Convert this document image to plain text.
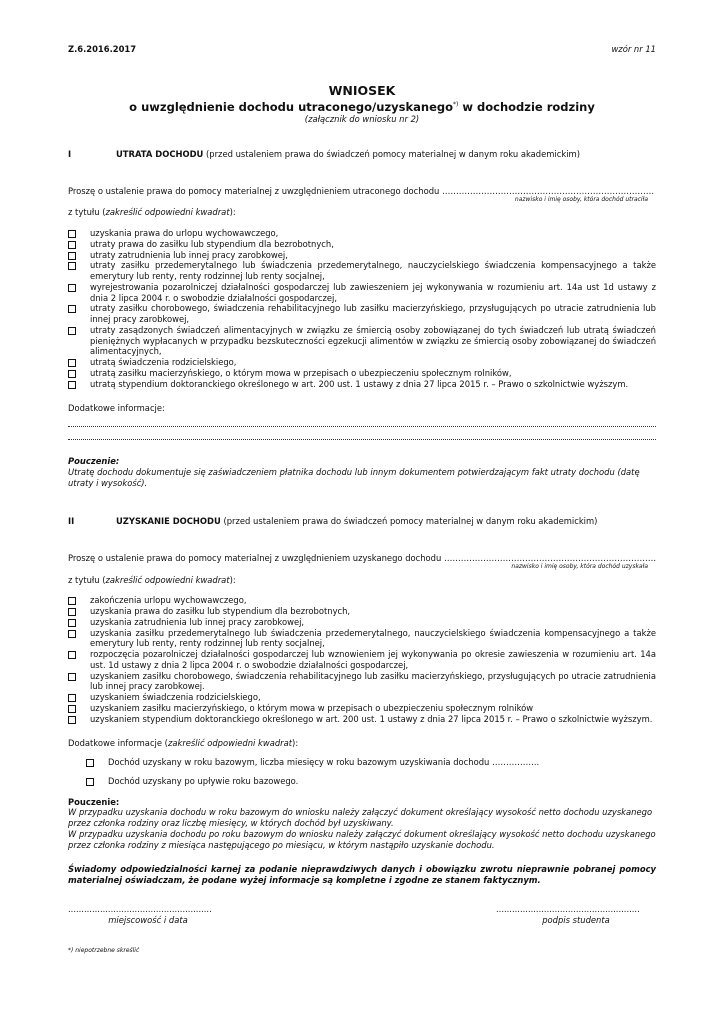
Z.6.2016.2017	wzór nr 11
WNIOSEK
o uwzględnienie dochodu utraconego/uzyskanego*) w dochodzie rodziny
(załącznik do wniosku nr 2)
I	UTRATA DOCHODU (przed ustaleniem prawa do świadczeń pomocy materialnej w danym roku akademickim)
Proszę o ustalenie prawa do pomocy materialnej z uwzględnieniem utraconego dochodu ………………………………………………………………….
nazwisko i imię osoby, która dochód utraciła
z tytułu (zakreślić odpowiedni kwadrat):
uzyskania prawa do urlopu wychowawczego,
utraty prawa do zasiłku lub stypendium dla bezrobotnych,
utraty zatrudnienia lub innej pracy zarobkowej,
utraty zasiłku przedemerytalnego lub świadczenia przedemerytalnego, nauczycielskiego świadczenia kompensacyjnego a także emerytury lub renty, renty rodzinnej lub renty socjalnej,
wyrejestrowania pozarolniczej działalności gospodarczej lub zawieszeniem jej wykonywania w rozumieniu art. 14a ust 1d ustawy z dnia 2 lipca 2004 r. o swobodzie działalności gospodarczej,
utraty zasiłku chorobowego, świadczenia rehabilitacyjnego lub zasiłku macierzyńskiego, przysługujących po utracie zatrudnienia lub innej pracy zarobkowej,
utraty zasądzonych świadczeń alimentacyjnych w związku ze śmiercią osoby zobowiązanej do tych świadczeń lub utratą świadczeń pieniężnych wypłacanych w przypadku bezskuteczności egzekucji alimentów w związku ze śmiercią osoby zobowiązanej do świadczeń alimentacyjnych,
utratą świadczenia rodzicielskiego,
utratą zasiłku macierzyńskiego, o którym mowa w przepisach o ubezpieczeniu społecznym rolników,
utratą stypendium doktoranckiego określonego w art. 200 ust. 1 ustawy z dnia 27 lipca 2015 r. – Prawo o szkolnictwie wyższym.
Dodatkowe informacje:
Pouczenie:
Utratę dochodu dokumentuje się zaświadczeniem płatnika dochodu lub innym dokumentem potwierdzającym fakt utraty dochodu (datę utraty i wysokość).
II	UZYSKANIE DOCHODU (przed ustaleniem prawa do świadczeń pomocy materialnej w danym roku akademickim)
Proszę o ustalenie prawa do pomocy materialnej z uwzględnieniem uzyskanego dochodu ………………………………………………………………….
nazwisko i imię osoby, która dochód uzyskała
z tytułu (zakreślić odpowiedni kwadrat):
zakończenia urlopu wychowawczego,
uzyskania prawa do zasiłku lub stypendium dla bezrobotnych,
uzyskania zatrudnienia lub innej pracy zarobkowej,
uzyskania zasiłku przedemerytalnego lub świadczenia przedemerytalnego, nauczycielskiego świadczenia kompensacyjnego a także emerytury lub renty, renty rodzinnej lub renty socjalnej,
rozpoczęcia pozarolniczej działalności gospodarczej lub wznowieniem jej wykonywania po okresie zawieszenia w rozumieniu art. 14a ust. 1d ustawy z dnia 2 lipca 2004 r. o swobodzie działalności gospodarczej,
uzyskaniem zasiłku chorobowego, świadczenia rehabilitacyjnego lub zasiłku macierzyńskiego, przysługujących po utracie zatrudnienia lub innej pracy zarobkowej.
uzyskaniem świadczenia rodzicielskiego,
uzyskaniem zasiłku macierzyńskiego, o którym mowa w przepisach o ubezpieczeniu społecznym rolników
uzyskaniem stypendium doktoranckiego określonego w art. 200 ust. 1 ustawy z dnia 27 lipca 2015 r. – Prawo o szkolnictwie wyższym.
Dodatkowe informacje (zakreślić odpowiedni kwadrat):
Dochód uzyskany w roku bazowym, liczba miesięcy w roku bazowym uzyskiwania dochodu ……………..
Dochód uzyskany po upływie roku bazowego.
Pouczenie:
W przypadku uzyskania dochodu w roku bazowym do wniosku należy załączyć dokument określający wysokość netto dochodu uzyskanego przez członka rodziny oraz liczbę miesięcy, w których dochód był uzyskiwany.
W przypadku uzyskania dochodu po roku bazowym do wniosku należy załączyć dokument określający wysokość netto dochodu uzyskanego przez członka rodziny z miesiąca następującego po miesiącu, w którym nastąpiło uzyskanie dochodu.
Świadomy odpowiedzialności karnej za podanie nieprawdziwych danych i obowiązku zwrotu nieprawnie pobranej pomocy materialnej oświadczam, że podane wyżej informacje są kompletne i zgodne ze stanem faktycznym.
......................................................
miejscowość i data
......................................................
podpis studenta
*) niepotrzebne skreślić
